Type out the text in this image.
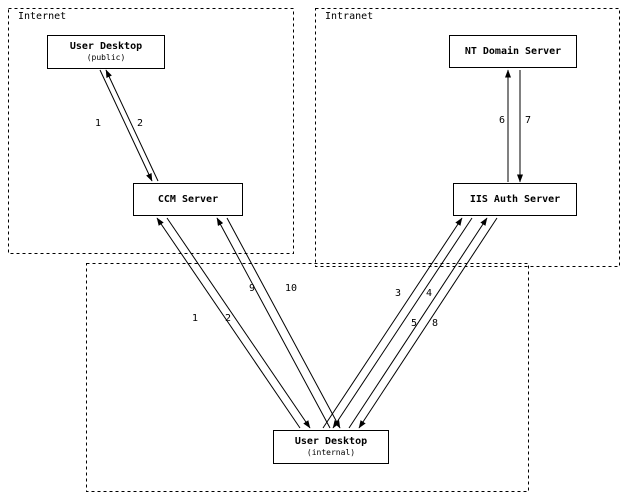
Internet	Intranet
User Desktop
(public)
CCM Server
NT Domain Server
IIS Auth Server
User Desktop
(internal)
1	2	6 7
9	10	3 4
1	2	5 8
